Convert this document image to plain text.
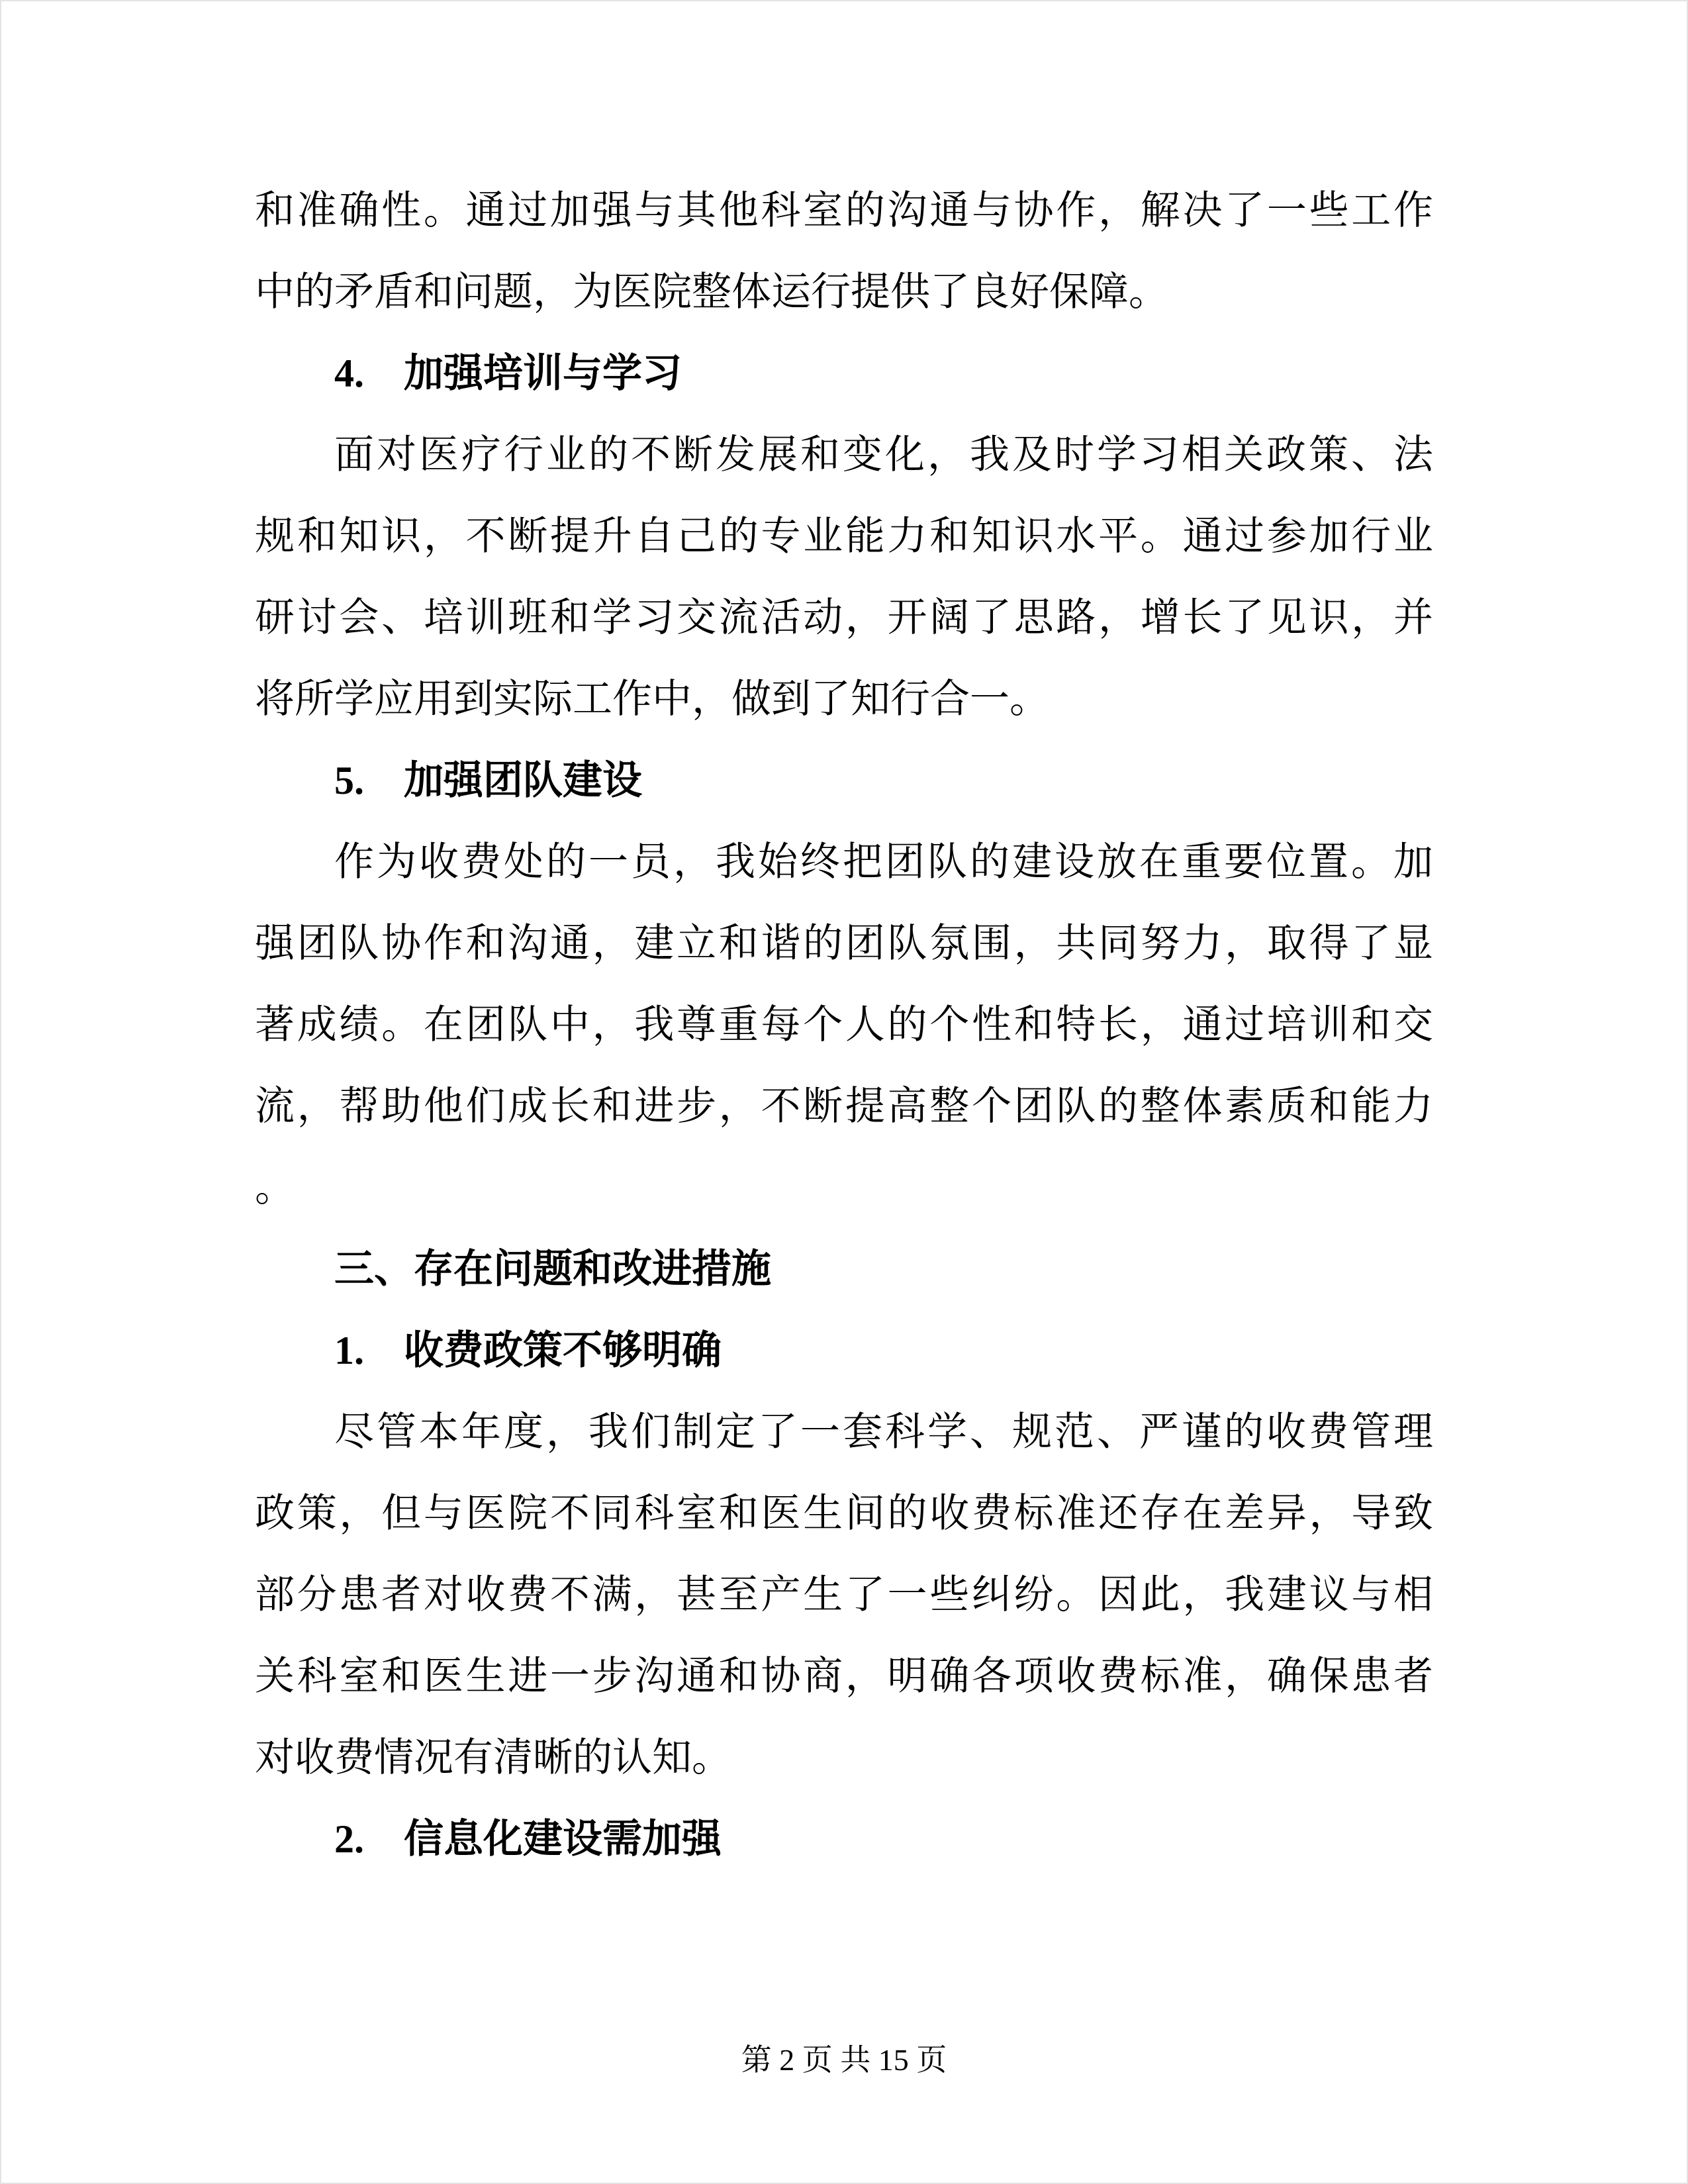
和准确性。通过加强与其他科室的沟通与协作，解决了一些工作
中的矛盾和问题，为医院整体运行提供了良好保障。
4.　加强培训与学习
面对医疗行业的不断发展和变化，我及时学习相关政策、法
规和知识，不断提升自己的专业能力和知识水平。通过参加行业
研讨会、培训班和学习交流活动，开阔了思路，增长了见识，并
将所学应用到实际工作中，做到了知行合一。
5.　加强团队建设
作为收费处的一员，我始终把团队的建设放在重要位置。加
强团队协作和沟通，建立和谐的团队氛围，共同努力，取得了显
著成绩。在团队中，我尊重每个人的个性和特长，通过培训和交
流，帮助他们成长和进步，不断提高整个团队的整体素质和能力
。
三、存在问题和改进措施
1.　收费政策不够明确
尽管本年度，我们制定了一套科学、规范、严谨的收费管理
政策，但与医院不同科室和医生间的收费标准还存在差异，导致
部分患者对收费不满，甚至产生了一些纠纷。因此，我建议与相
关科室和医生进一步沟通和协商，明确各项收费标准，确保患者
对收费情况有清晰的认知。
2.　信息化建设需加强
第 2 页 共 15 页
